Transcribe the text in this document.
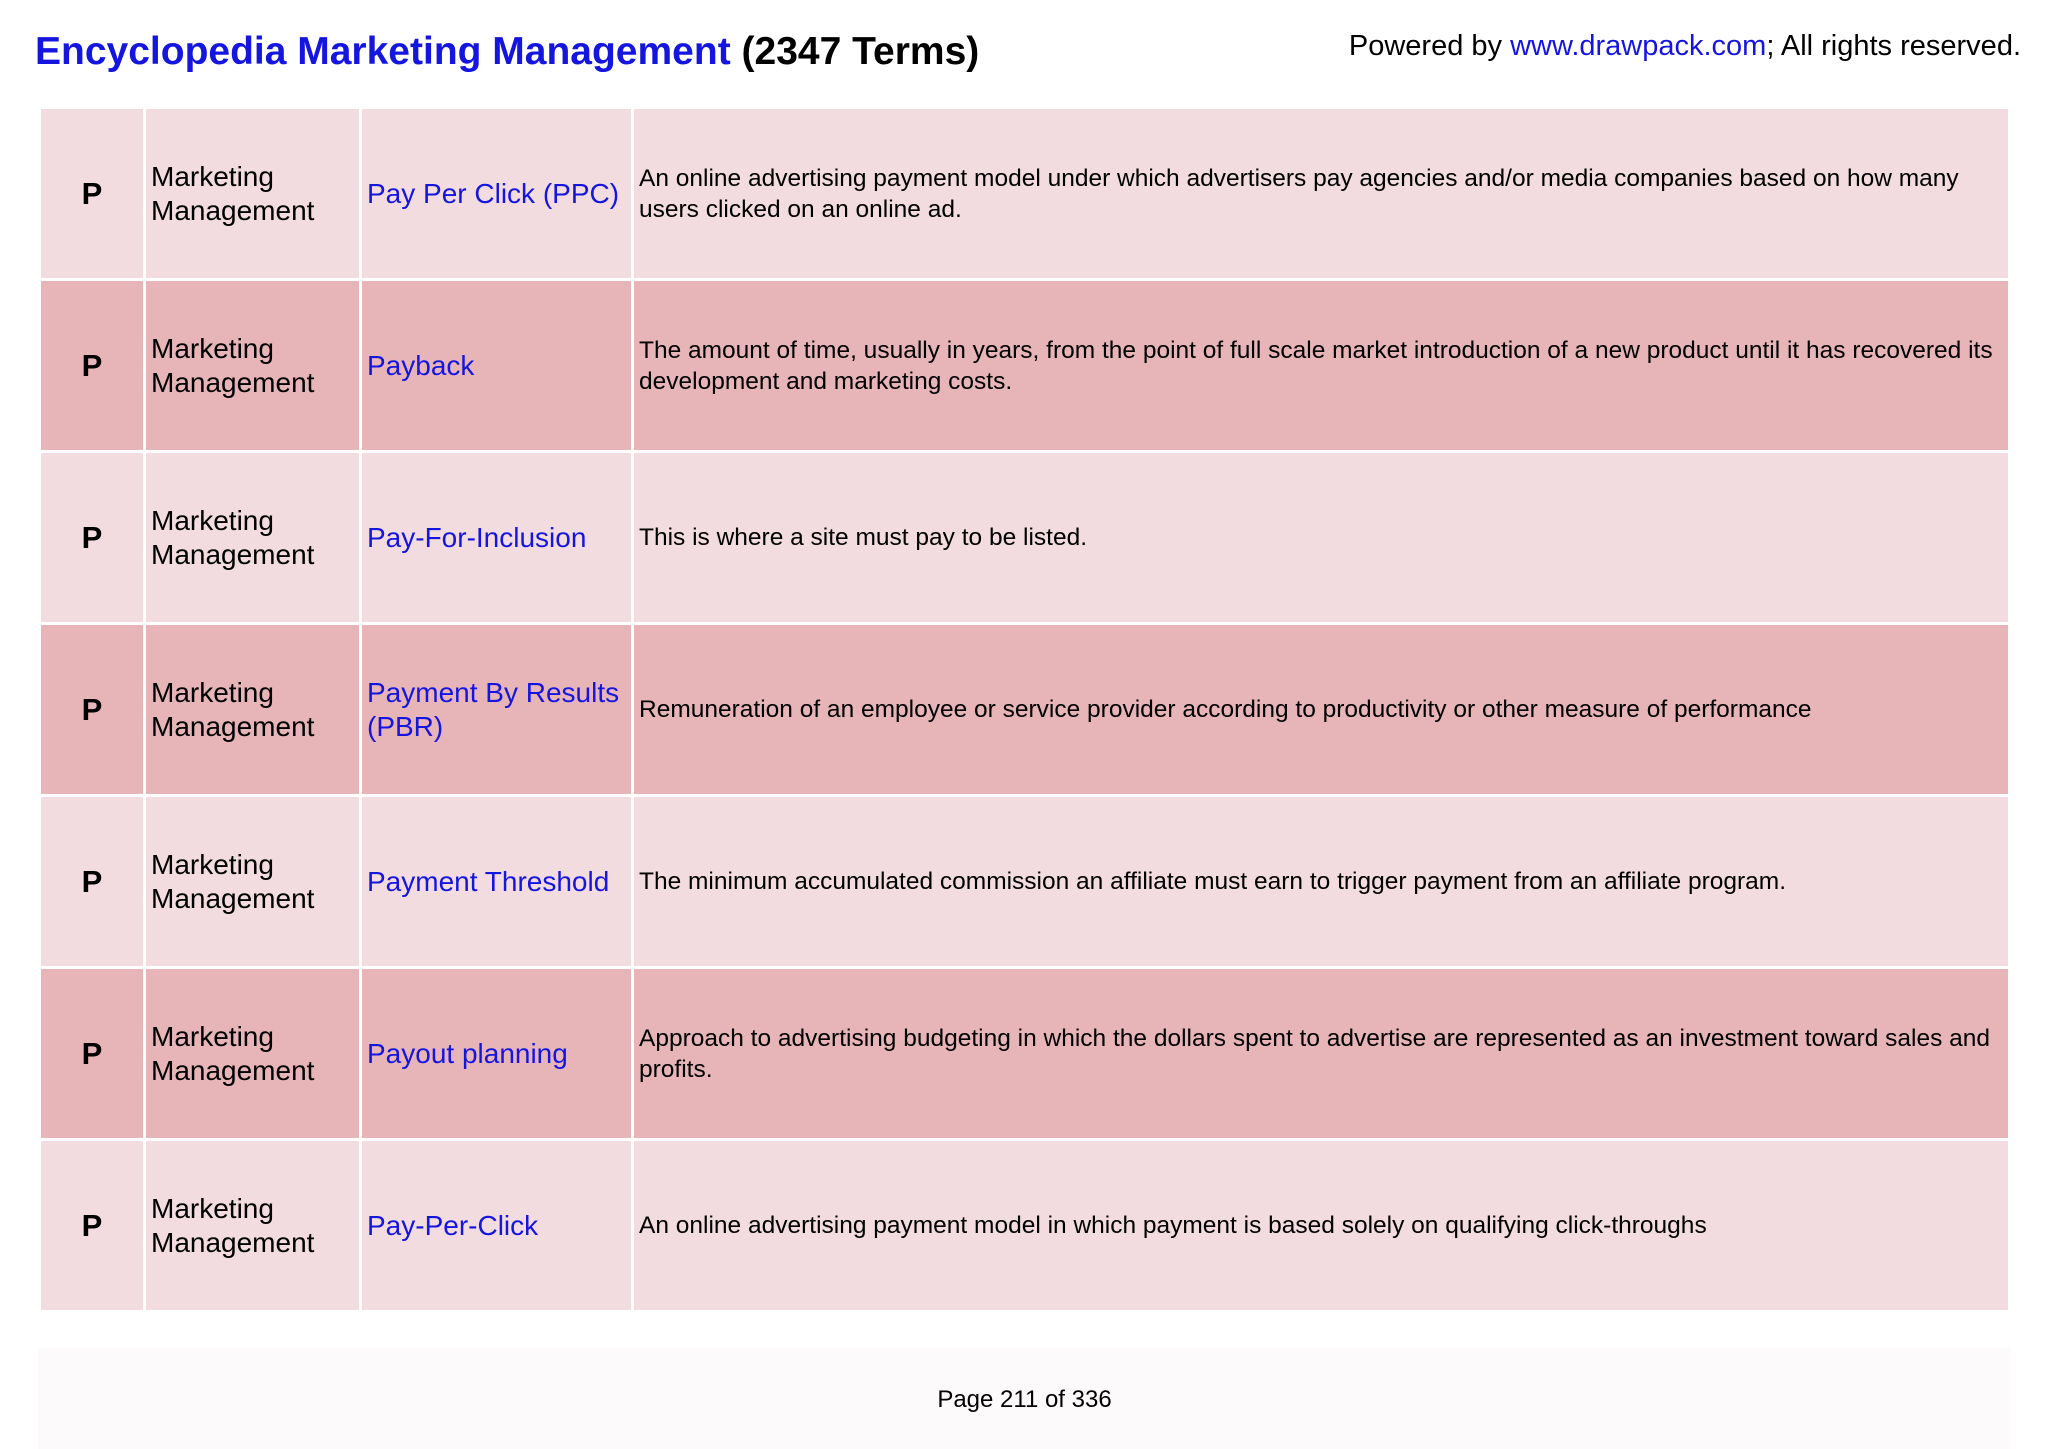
Encyclopedia Marketing Management (2347 Terms)	Powered by www.drawpack.com; All rights reserved.
P	Marketing Management	Pay Per Click (PPC)	An online advertising payment model under which advertisers pay agencies and/or media companies based on how many users clicked on an online ad.
P	Marketing Management	Payback	The amount of time, usually in years, from the point of full scale market introduction of a new product until it has recovered its development and marketing costs.
P	Marketing Management	Pay-For-Inclusion	This is where a site must pay to be listed.
P	Marketing Management	Payment By Results (PBR)	Remuneration of an employee or service provider according to productivity or other measure of performance
P	Marketing Management	Payment Threshold	The minimum accumulated commission an affiliate must earn to trigger payment from an affiliate program.
P	Marketing Management	Payout planning	Approach to advertising budgeting in which the dollars spent to advertise are represented as an investment toward sales and profits.
P	Marketing Management	Pay-Per-Click	An online advertising payment model in which payment is based solely on qualifying click-throughs
Page 211 of 336
